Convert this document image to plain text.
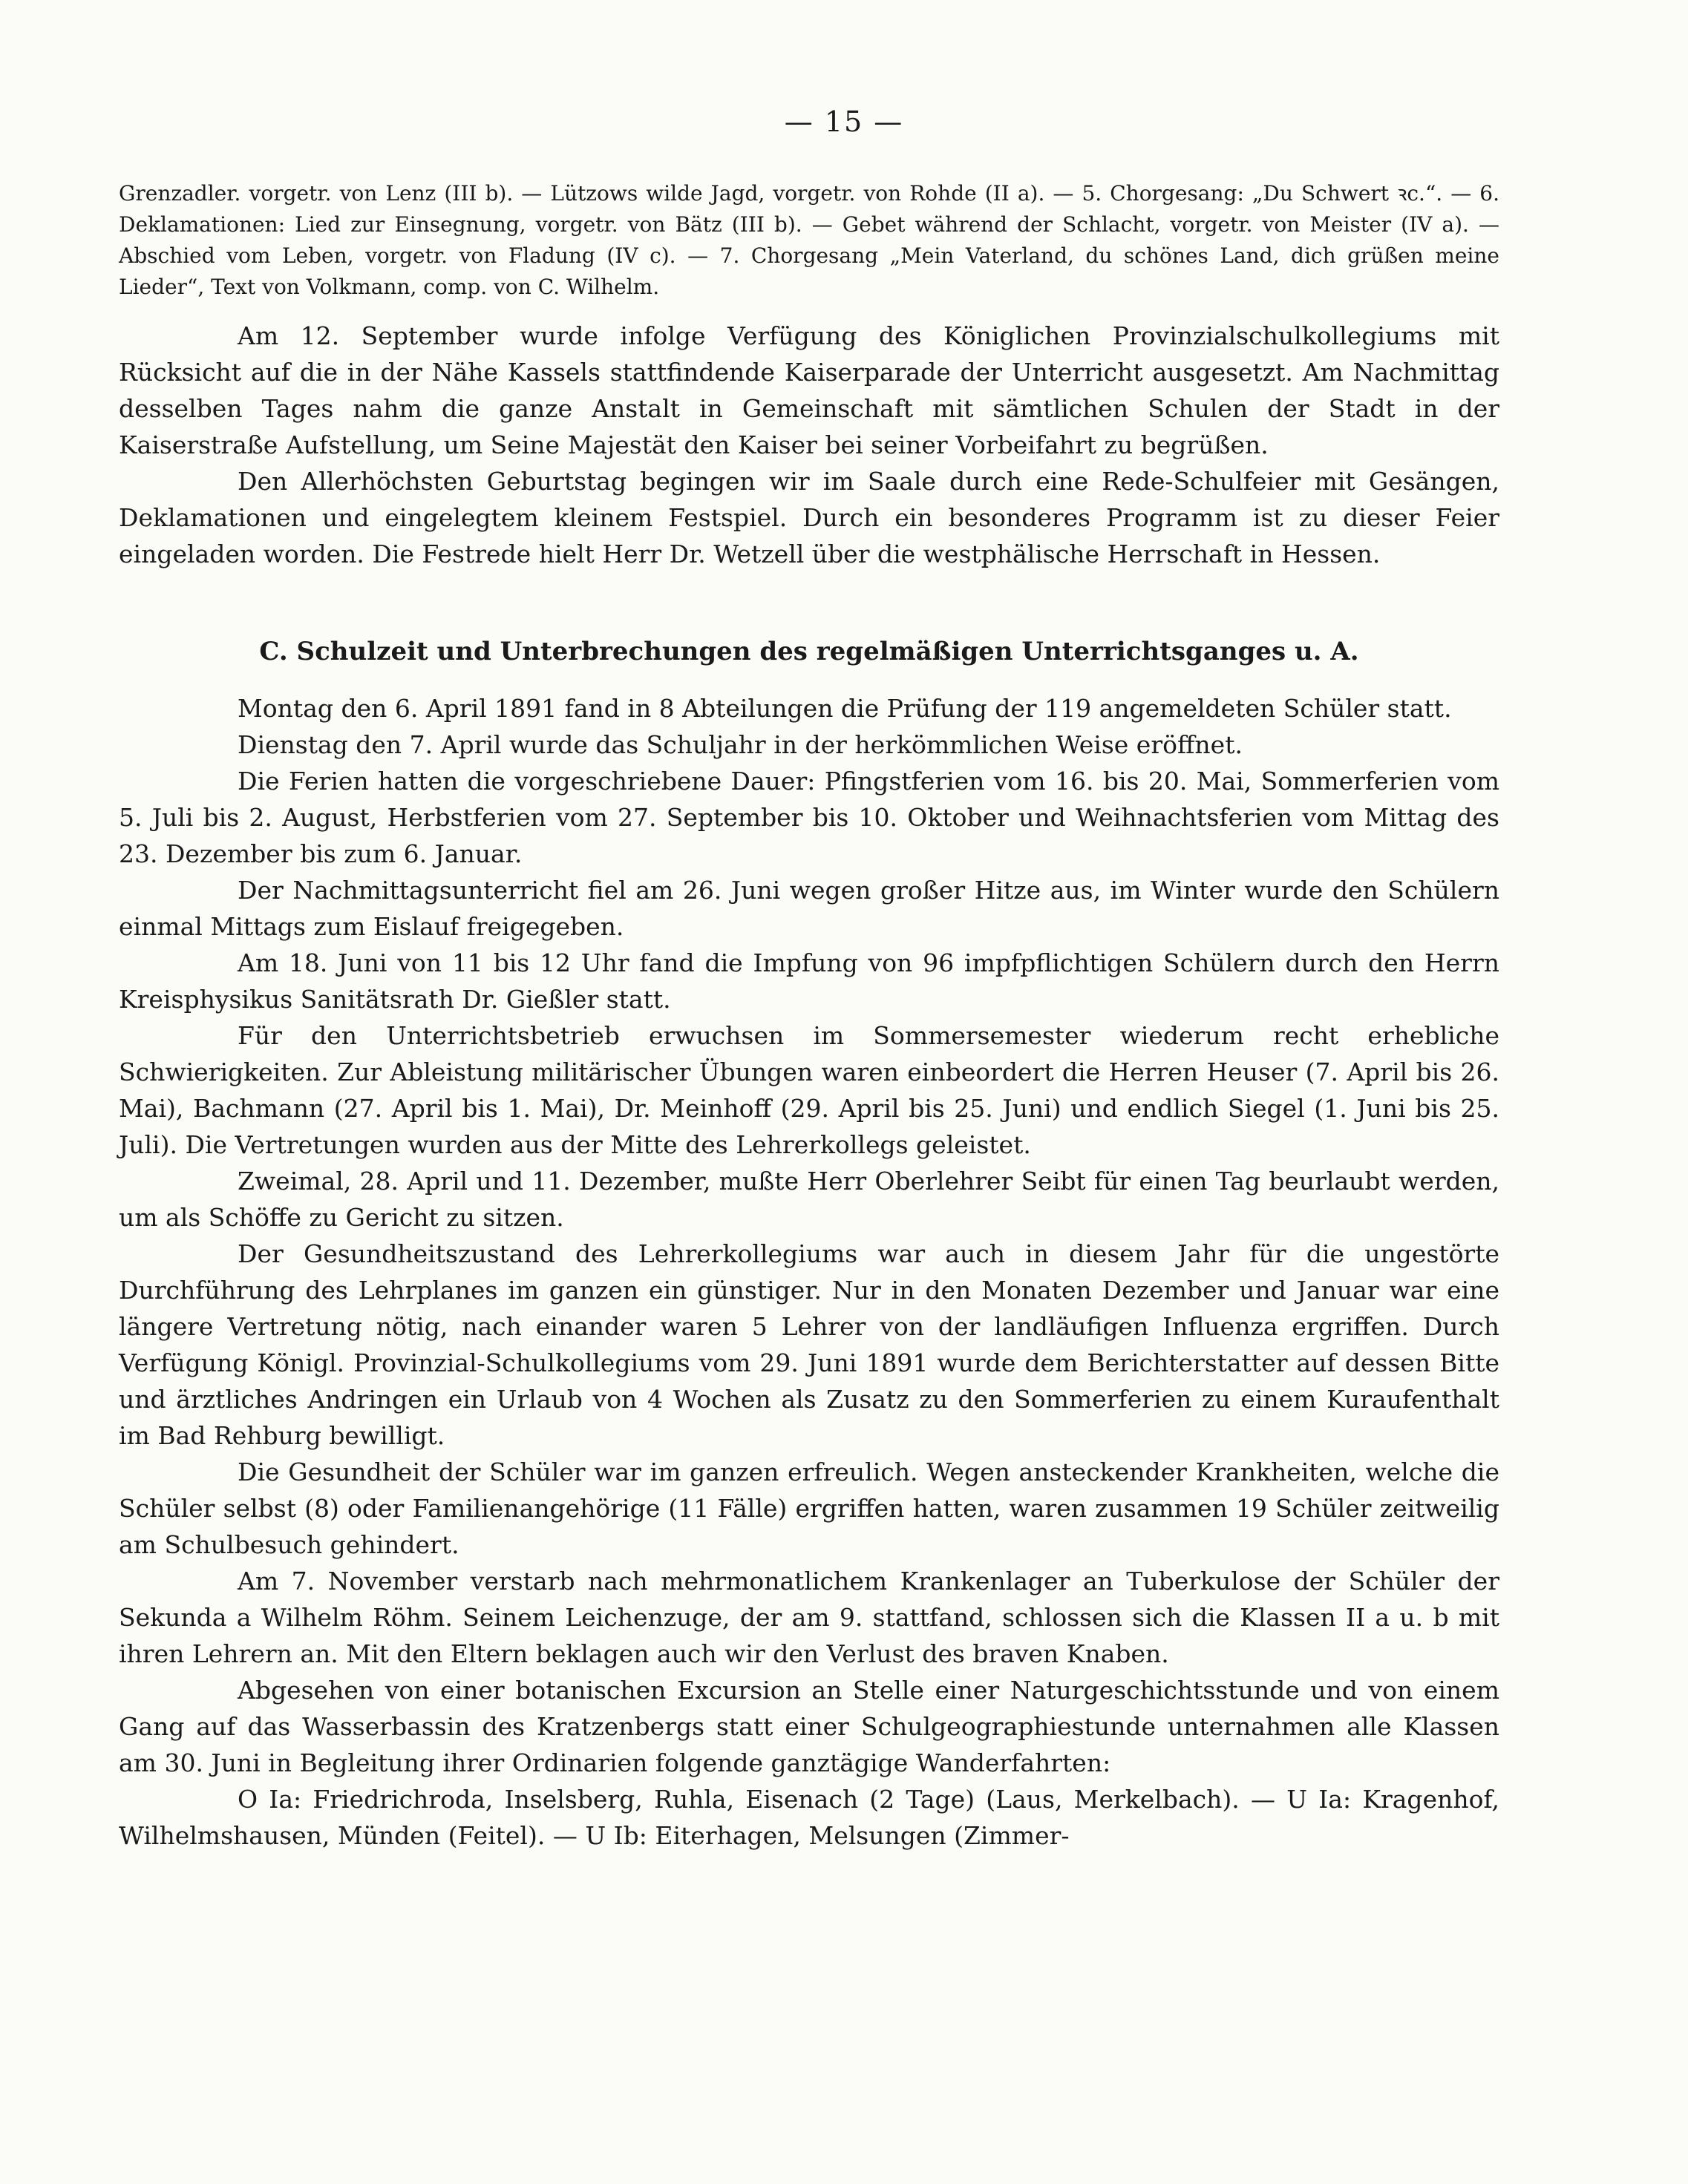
— 15 —

Grenzadler. vorgetr. von Lenz (III b). — Lützows wilde Jagd, vorgetr. von Rohde (II a). — 5. Chorgesang: „Du Schwert ꝛc.“. — 6. Deklamationen: Lied zur Einsegnung, vorgetr. von Bätz (III b). — Gebet während der Schlacht, vorgetr. von Meister (IV a). — Abschied vom Leben, vorgetr. von Fladung (IV c). — 7. Chorgesang „Mein Vaterland, du schönes Land, dich grüßen meine Lieder“, Text von Volkmann, comp. von C. Wilhelm.

Am 12. September wurde infolge Verfügung des Königlichen Provinzialschulkollegiums mit Rücksicht auf die in der Nähe Kassels stattfindende Kaiserparade der Unterricht ausgesetzt. Am Nachmittag desselben Tages nahm die ganze Anstalt in Gemeinschaft mit sämtlichen Schulen der Stadt in der Kaiserstraße Aufstellung, um Seine Majestät den Kaiser bei seiner Vorbeifahrt zu begrüßen.

Den Allerhöchsten Geburtstag begingen wir im Saale durch eine Rede-Schulfeier mit Gesängen, Deklamationen und eingelegtem kleinem Festspiel. Durch ein besonderes Programm ist zu dieser Feier eingeladen worden. Die Festrede hielt Herr Dr. Wetzell über die westphälische Herrschaft in Hessen.

C. Schulzeit und Unterbrechungen des regelmäßigen Unterrichtsganges u. A.

Montag den 6. April 1891 fand in 8 Abteilungen die Prüfung der 119 angemeldeten Schüler statt.

Dienstag den 7. April wurde das Schuljahr in der herkömmlichen Weise eröffnet.

Die Ferien hatten die vorgeschriebene Dauer: Pfingstferien vom 16. bis 20. Mai, Sommerferien vom 5. Juli bis 2. August, Herbstferien vom 27. September bis 10. Oktober und Weihnachtsferien vom Mittag des 23. Dezember bis zum 6. Januar.

Der Nachmittagsunterricht fiel am 26. Juni wegen großer Hitze aus, im Winter wurde den Schülern einmal Mittags zum Eislauf freigegeben.

Am 18. Juni von 11 bis 12 Uhr fand die Impfung von 96 impfpflichtigen Schülern durch den Herrn Kreisphysikus Sanitätsrath Dr. Gießler statt.

Für den Unterrichtsbetrieb erwuchsen im Sommersemester wiederum recht erhebliche Schwierigkeiten. Zur Ableistung militärischer Übungen waren einbeordert die Herren Heuser (7. April bis 26. Mai), Bachmann (27. April bis 1. Mai), Dr. Meinhoff (29. April bis 25. Juni) und endlich Siegel (1. Juni bis 25. Juli). Die Vertretungen wurden aus der Mitte des Lehrerkollegs geleistet.

Zweimal, 28. April und 11. Dezember, mußte Herr Oberlehrer Seibt für einen Tag beurlaubt werden, um als Schöffe zu Gericht zu sitzen.

Der Gesundheitszustand des Lehrerkollegiums war auch in diesem Jahr für die ungestörte Durchführung des Lehrplanes im ganzen ein günstiger. Nur in den Monaten Dezember und Januar war eine längere Vertretung nötig, nach einander waren 5 Lehrer von der landläufigen Influenza ergriffen. Durch Verfügung Königl. Provinzial-Schulkollegiums vom 29. Juni 1891 wurde dem Berichterstatter auf dessen Bitte und ärztliches Andringen ein Urlaub von 4 Wochen als Zusatz zu den Sommerferien zu einem Kuraufenthalt im Bad Rehburg bewilligt.

Die Gesundheit der Schüler war im ganzen erfreulich. Wegen ansteckender Krankheiten, welche die Schüler selbst (8) oder Familienangehörige (11 Fälle) ergriffen hatten, waren zusammen 19 Schüler zeitweilig am Schulbesuch gehindert.

Am 7. November verstarb nach mehrmonatlichem Krankenlager an Tuberkulose der Schüler der Sekunda a Wilhelm Röhm. Seinem Leichenzuge, der am 9. stattfand, schlossen sich die Klassen II a u. b mit ihren Lehrern an. Mit den Eltern beklagen auch wir den Verlust des braven Knaben.

Abgesehen von einer botanischen Excursion an Stelle einer Naturgeschichtsstunde und von einem Gang auf das Wasserbassin des Kratzenbergs statt einer Schulgeographiestunde unternahmen alle Klassen am 30. Juni in Begleitung ihrer Ordinarien folgende ganztägige Wanderfahrten:

O Ia: Friedrichroda, Inselsberg, Ruhla, Eisenach (2 Tage) (Laus, Merkelbach). — U Ia: Kragenhof, Wilhelmshausen, Münden (Feitel). — U Ib: Eiterhagen, Melsungen (Zimmer-
